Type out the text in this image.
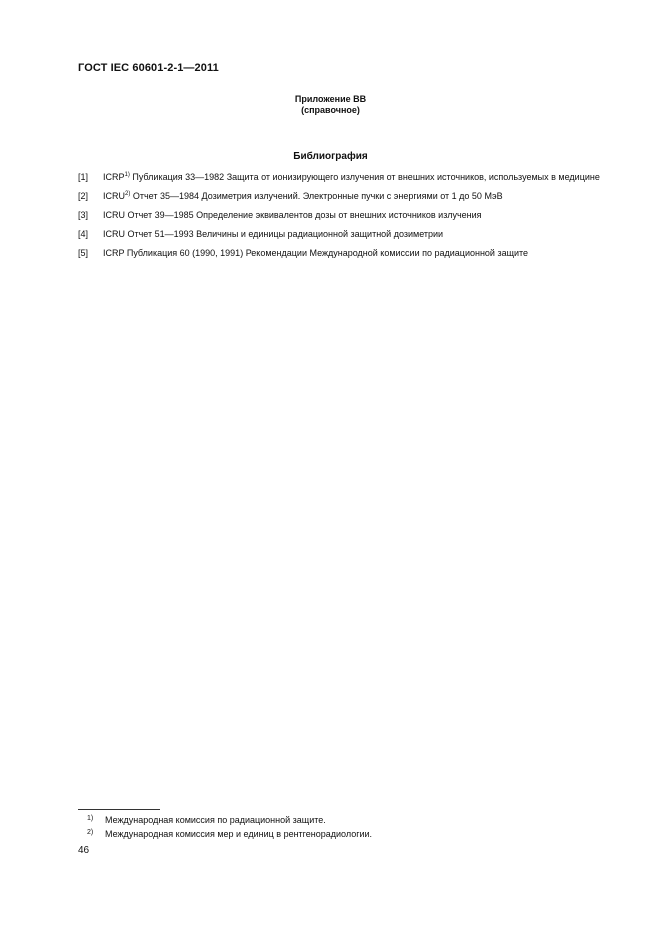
ГОСТ IEC 60601-2-1—2011
Приложение ВВ
(справочное)
Библиография
[1] ICRP$^{1)}$ Публикация 33—1982 Защита от ионизирующего излучения от внешних источников, используемых в медицине
[2] ICRU$^{2)}$ Отчет 35—1984 Дозиметрия излучений. Электронные пучки с энергиями от 1 до 50 МэВ
[3] ICRU Отчет 39—1985 Определение эквивалентов дозы от внешних источников излучения
[4] ICRU Отчет 51—1993 Величины и единицы радиационной защитной дозиметрии
[5] ICRP Публикация 60 (1990, 1991) Рекомендации Международной комиссии по радиационной защите
1) Международная комиссия по радиационной защите.
2) Международная комиссия мер и единиц в рентгенорадиологии.
46
